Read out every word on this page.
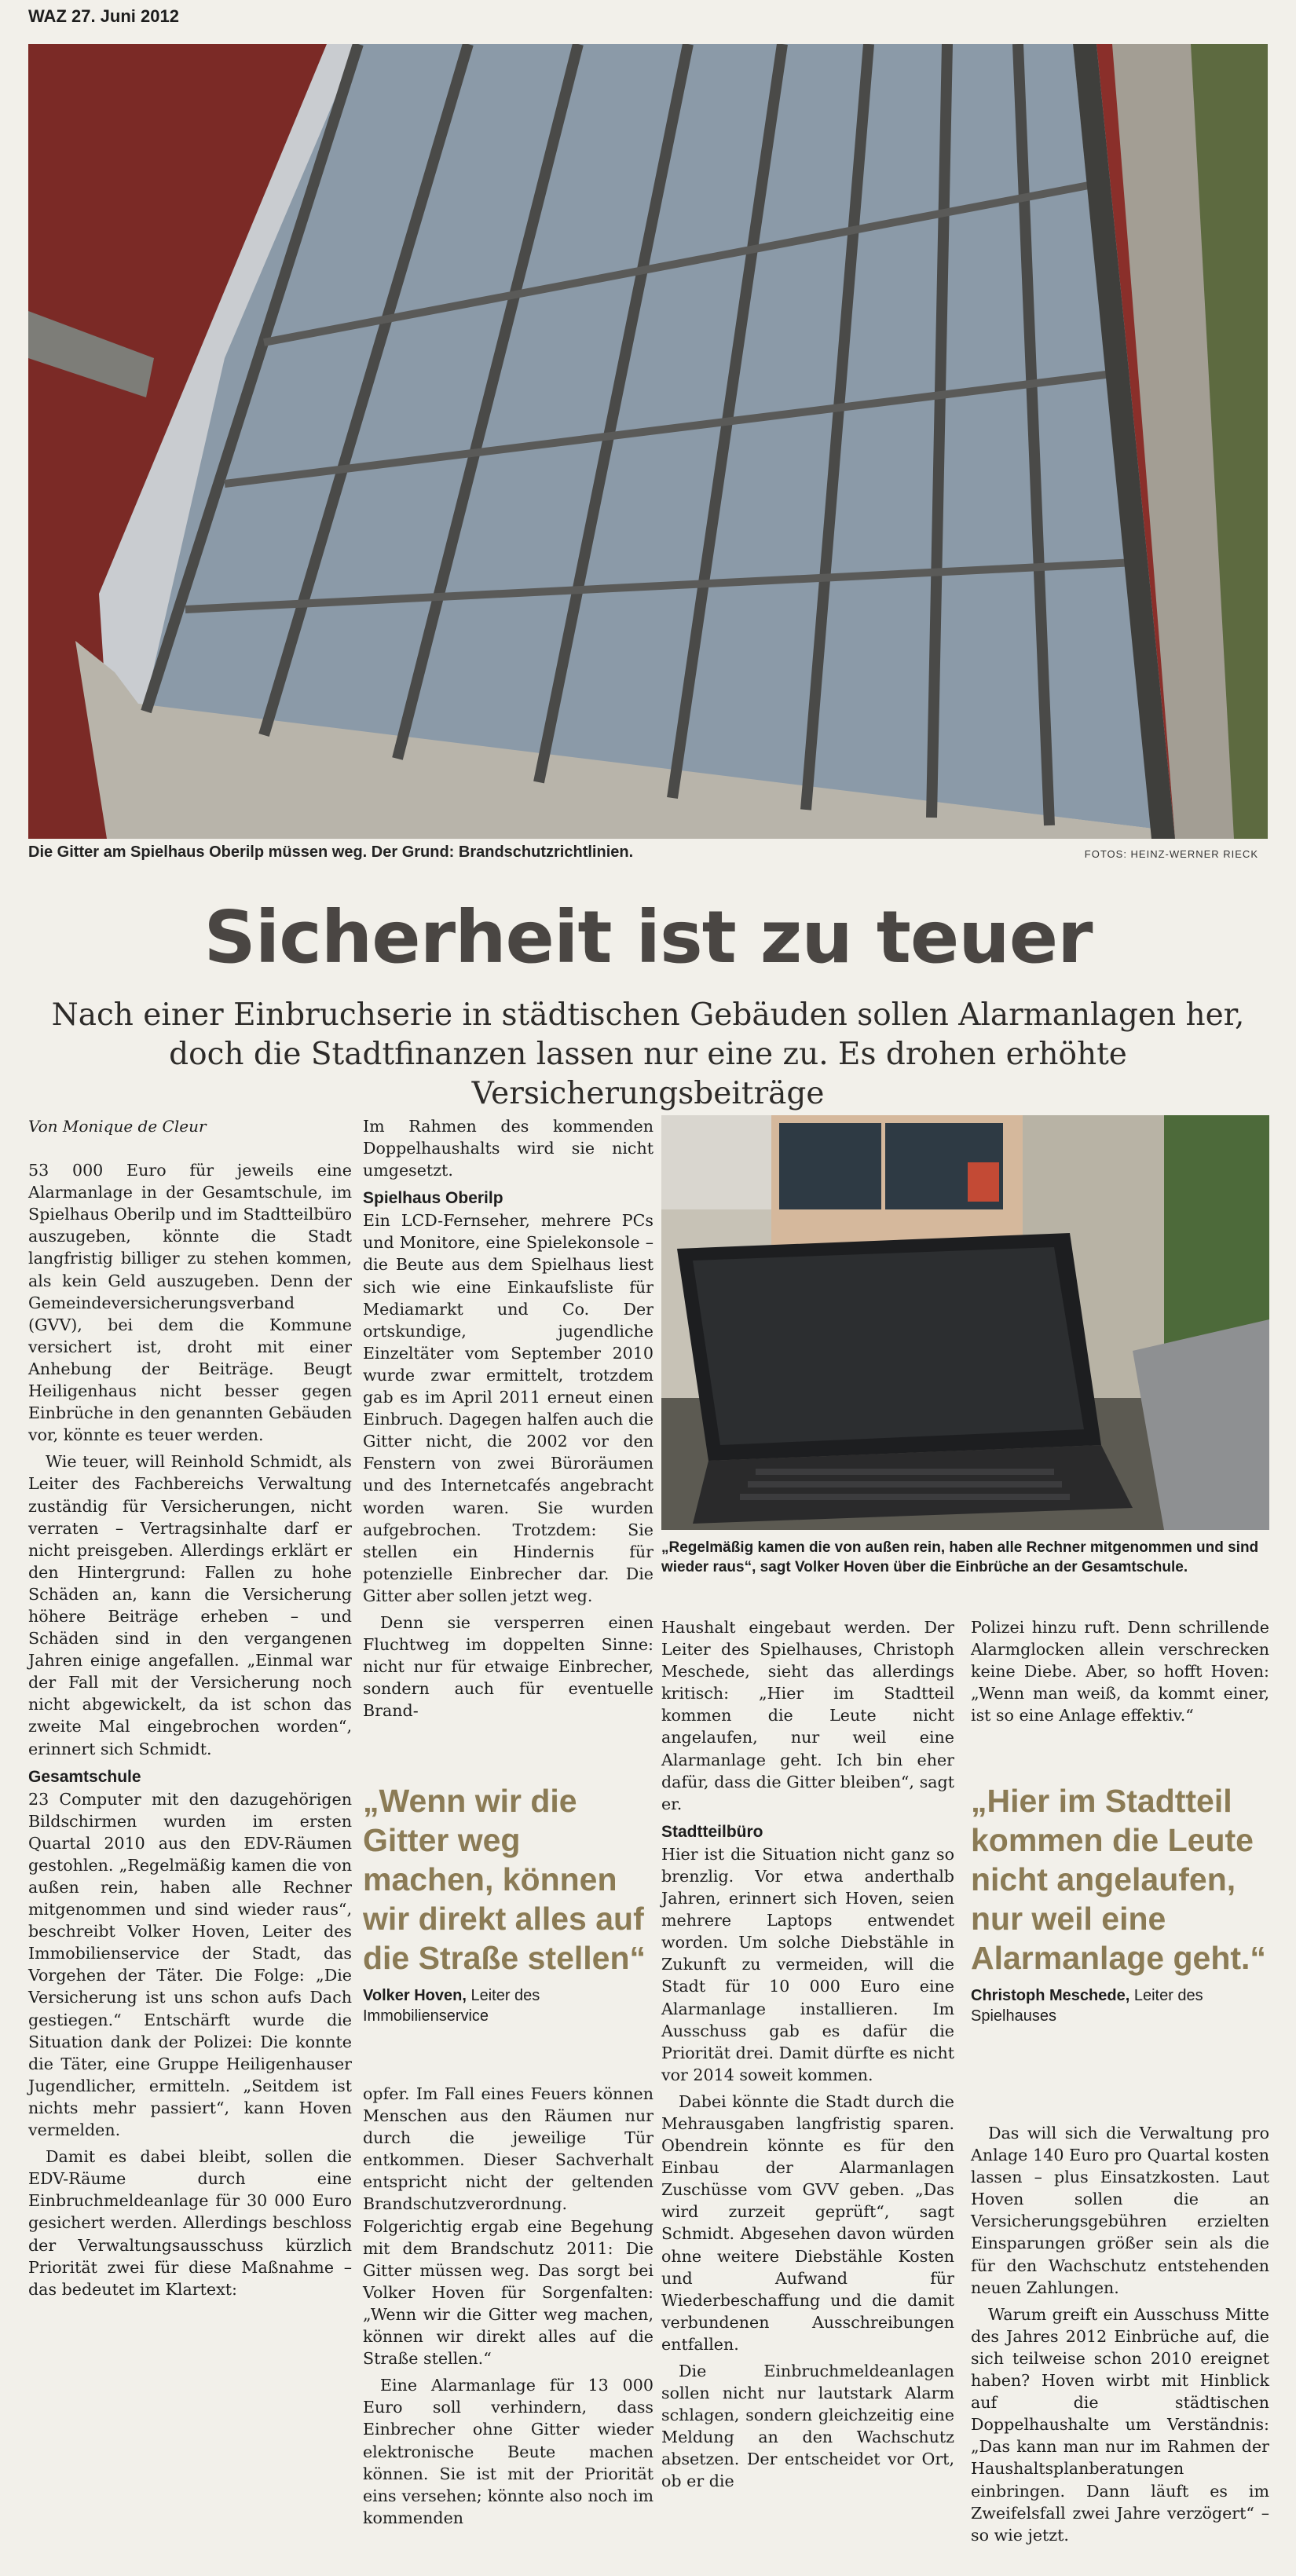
WAZ 27. Juni 2012
Die Gitter am Spielhaus Oberilp müssen weg. Der Grund: Brandschutzrichtlinien.	FOTOS: HEINZ-WERNER RIECK
Sicherheit ist zu teuer
Nach einer Einbruchserie in städtischen Gebäuden sollen Alarmanlagen her, doch die Stadtfinanzen lassen nur eine zu. Es drohen erhöhte Versicherungsbeiträge
Von Monique de Cleur

53 000 Euro für jeweils eine Alarmanlage in der Gesamtschule, im Spielhaus Oberilp und im Stadtteilbüro auszugeben, könnte die Stadt langfristig billiger zu stehen kommen, als kein Geld auszugeben. Denn der Gemeindeversicherungsverband (GVV), bei dem die Kommune versichert ist, droht mit einer Anhebung der Beiträge. Beugt Heiligenhaus nicht besser gegen Einbrüche in den genannten Gebäuden vor, könnte es teuer werden.

Wie teuer, will Reinhold Schmidt, als Leiter des Fachbereichs Verwaltung zuständig für Versicherungen, nicht verraten – Vertragsinhalte darf er nicht preisgeben. Allerdings erklärt er den Hintergrund: Fallen zu hohe Schäden an, kann die Versicherung höhere Beiträge erheben – und Schäden sind in den vergangenen Jahren einige angefallen. „Einmal war der Fall mit der Versicherung noch nicht abgewickelt, da ist schon das zweite Mal eingebrochen worden“, erinnert sich Schmidt.

Gesamtschule

23 Computer mit den dazugehörigen Bildschirmen wurden im ersten Quartal 2010 aus den EDV-Räumen gestohlen. „Regelmäßig kamen die von außen rein, haben alle Rechner mitgenommen und sind wieder raus“, beschreibt Volker Hoven, Leiter des Immobilienservice der Stadt, das Vorgehen der Täter. Die Folge: „Die Versicherung ist uns schon aufs Dach gestiegen.“ Entschärft wurde die Situation dank der Polizei: Die konnte die Täter, eine Gruppe Heiligenhauser Jugendlicher, ermitteln. „Seitdem ist nichts mehr passiert“, kann Hoven vermelden.

Damit es dabei bleibt, sollen die EDV-Räume durch eine Einbruchmeldeanlage für 30 000 Euro gesichert werden. Allerdings beschloss der Verwaltungsausschuss kürzlich Priorität zwei für diese Maßnahme – das bedeutet im Klartext:

Im Rahmen des kommenden Doppelhaushalts wird sie nicht umgesetzt.

Spielhaus Oberilp

Ein LCD-Fernseher, mehrere PCs und Monitore, eine Spielekonsole – die Beute aus dem Spielhaus liest sich wie eine Einkaufsliste für Mediamarkt und Co. Der ortskundige, jugendliche Einzeltäter vom September 2010 wurde zwar ermittelt, trotzdem gab es im April 2011 erneut einen Einbruch. Dagegen halfen auch die Gitter nicht, die 2002 vor den Fenstern von zwei Büroräumen und des Internetcafés angebracht worden waren. Sie wurden aufgebrochen. Trotzdem: Sie stellen ein Hindernis für potenzielle Einbrecher dar. Die Gitter aber sollen jetzt weg.

Denn sie versperren einen Fluchtweg im doppelten Sinne: nicht nur für etwaige Einbrecher, sondern auch für eventuelle Brand-

„Wenn wir die Gitter weg machen, können wir direkt alles auf die Straße stellen“
Volker Hoven, Leiter des Immobilienservice

opfer. Im Fall eines Feuers können Menschen aus den Räumen nur durch die jeweilige Tür entkommen. Dieser Sachverhalt entspricht nicht der geltenden Brandschutzverordnung. Folgerichtig ergab eine Begehung mit dem Brandschutz 2011: Die Gitter müssen weg. Das sorgt bei Volker Hoven für Sorgenfalten: „Wenn wir die Gitter weg machen, können wir direkt alles auf die Straße stellen.“

Eine Alarmanlage für 13 000 Euro soll verhindern, dass Einbrecher ohne Gitter wieder elektronische Beute machen können. Sie ist mit der Priorität eins versehen; könnte also noch im kommenden

„Regelmäßig kamen die von außen rein, haben alle Rechner mitgenommen und sind wieder raus“, sagt Volker Hoven über die Einbrüche an der Gesamtschule.

Haushalt eingebaut werden. Der Leiter des Spielhauses, Christoph Meschede, sieht das allerdings kritisch: „Hier im Stadtteil kommen die Leute nicht angelaufen, nur weil eine Alarmanlage geht. Ich bin eher dafür, dass die Gitter bleiben“, sagt er.

Stadtteilbüro

Hier ist die Situation nicht ganz so brenzlig. Vor etwa anderthalb Jahren, erinnert sich Hoven, seien mehrere Laptops entwendet worden. Um solche Diebstähle in Zukunft zu vermeiden, will die Stadt für 10 000 Euro eine Alarmanlage installieren. Im Ausschuss gab es dafür die Priorität drei. Damit dürfte es nicht vor 2014 soweit kommen.

Dabei könnte die Stadt durch die Mehrausgaben langfristig sparen. Obendrein könnte es für den Einbau der Alarmanlagen Zuschüsse vom GVV geben. „Das wird zurzeit geprüft“, sagt Schmidt. Abgesehen davon würden ohne weitere Diebstähle Kosten und Aufwand für Wiederbeschaffung und die damit verbundenen Ausschreibungen entfallen.

Die Einbruchmeldeanlagen sollen nicht nur lautstark Alarm schlagen, sondern gleichzeitig eine Meldung an den Wachschutz absetzen. Der entscheidet vor Ort, ob er die

Polizei hinzu ruft. Denn schrillende Alarmglocken allein verschrecken keine Diebe. Aber, so hofft Hoven: „Wenn man weiß, da kommt einer, ist so eine Anlage effektiv.“

„Hier im Stadtteil kommen die Leute nicht angelaufen, nur weil eine Alarmanlage geht.“
Christoph Meschede, Leiter des Spielhauses

Das will sich die Verwaltung pro Anlage 140 Euro pro Quartal kosten lassen – plus Einsatzkosten. Laut Hoven sollen die an Versicherungsgebühren erzielten Einsparungen größer sein als die für den Wachschutz entstehenden neuen Zahlungen.

Warum greift ein Ausschuss Mitte des Jahres 2012 Einbrüche auf, die sich teilweise schon 2010 ereignet haben? Hoven wirbt mit Hinblick auf die städtischen Doppelhaushalte um Verständnis: „Das kann man nur im Rahmen der Haushaltsplanberatungen einbringen. Dann läuft es im Zweifelsfall zwei Jahre verzögert“ – so wie jetzt.
